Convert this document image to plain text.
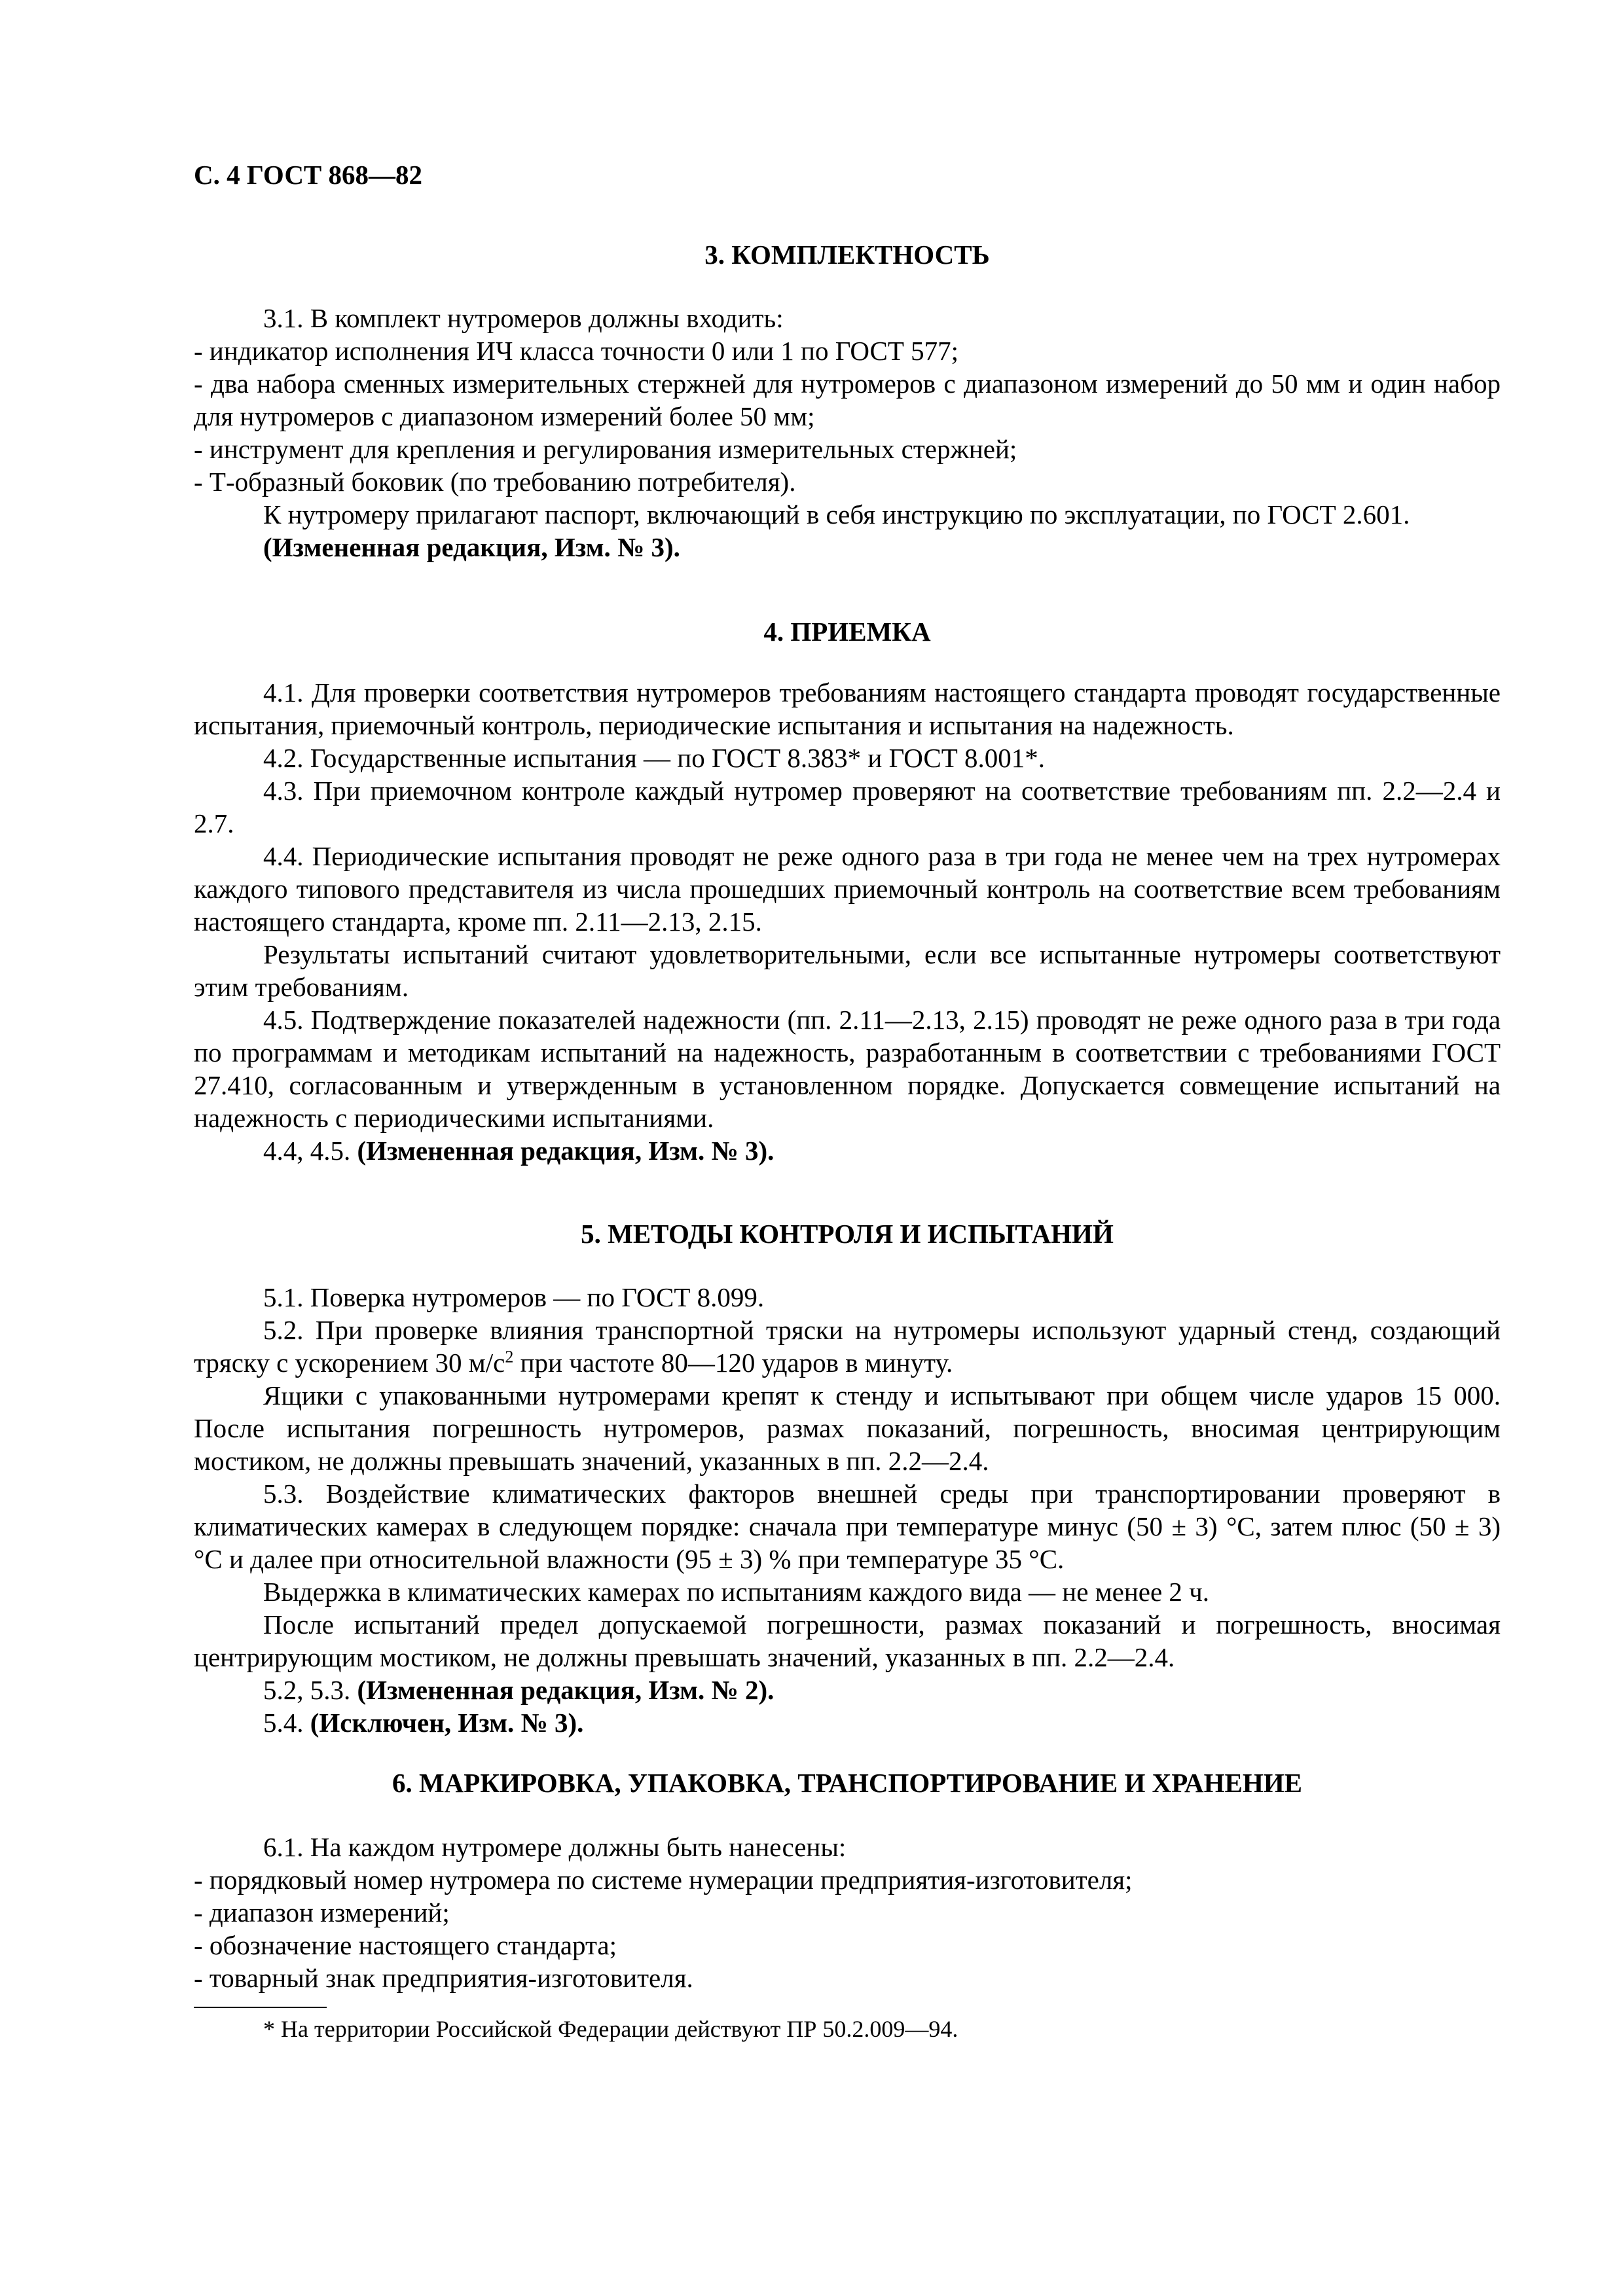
С. 4 ГОСТ 868—82
3. КОМПЛЕКТНОСТЬ

3.1. В комплект нутромеров должны входить:

- индикатор исполнения ИЧ класса точности 0 или 1 по ГОСТ 577;

- два набора сменных измерительных стержней для нутромеров с диапазоном измерений до 50 мм и один набор для нутромеров с диапазоном измерений более 50 мм;

- инструмент для крепления и регулирования измерительных стержней;

- Т-образный боковик (по требованию потребителя).

К нутромеру прилагают паспорт, включающий в себя инструкцию по эксплуатации, по ГОСТ 2.601.

(Измененная редакция, Изм. № 3).

4. ПРИЕМКА

4.1. Для проверки соответствия нутромеров требованиям настоящего стандарта проводят государственные испытания, приемочный контроль, периодические испытания и испытания на надежность.

4.2. Государственные испытания — по ГОСТ 8.383* и ГОСТ 8.001*.

4.3. При приемочном контроле каждый нутромер проверяют на соответствие требованиям пп. 2.2—2.4 и 2.7.

4.4. Периодические испытания проводят не реже одного раза в три года не менее чем на трех нутромерах каждого типового представителя из числа прошедших приемочный контроль на соответствие всем требованиям настоящего стандарта, кроме пп. 2.11—2.13, 2.15.

Результаты испытаний считают удовлетворительными, если все испытанные нутромеры соответствуют этим требованиям.

4.5. Подтверждение показателей надежности (пп. 2.11—2.13, 2.15) проводят не реже одного раза в три года по программам и методикам испытаний на надежность, разработанным в соответствии с требованиями ГОСТ 27.410, согласованным и утвержденным в установленном порядке. Допускается совмещение испытаний на надежность с периодическими испытаниями.

4.4, 4.5. (Измененная редакция, Изм. № 3).

5. МЕТОДЫ КОНТРОЛЯ И ИСПЫТАНИЙ

5.1. Поверка нутромеров — по ГОСТ 8.099.

5.2. При проверке влияния транспортной тряски на нутромеры используют ударный стенд, создающий тряску с ускорением 30 $м/с^2$ при частоте 80—120 ударов в минуту.

Ящики с упакованными нутромерами крепят к стенду и испытывают при общем числе ударов 15 000. После испытания погрешность нутромеров, размах показаний, погрешность, вносимая центрирующим мостиком, не должны превышать значений, указанных в пп. 2.2—2.4.

5.3. Воздействие климатических факторов внешней среды при транспортировании проверяют в климатических камерах в следующем порядке: сначала при температуре минус (50 ± 3) °С, затем плюс (50 ± 3) °С и далее при относительной влажности (95 ± 3) % при температуре 35 °С.

Выдержка в климатических камерах по испытаниям каждого вида — не менее 2 ч.

После испытаний предел допускаемой погрешности, размах показаний и погрешность, вносимая центрирующим мостиком, не должны превышать значений, указанных в пп. 2.2—2.4.

5.2, 5.3. (Измененная редакция, Изм. № 2).

5.4. (Исключен, Изм. № 3).

6. МАРКИРОВКА, УПАКОВКА, ТРАНСПОРТИРОВАНИЕ И ХРАНЕНИЕ

6.1. На каждом нутромере должны быть нанесены:

- порядковый номер нутромера по системе нумерации предприятия-изготовителя;

- диапазон измерений;

- обозначение настоящего стандарта;

- товарный знак предприятия-изготовителя.

* На территории Российской Федерации действуют ПР 50.2.009—94.
